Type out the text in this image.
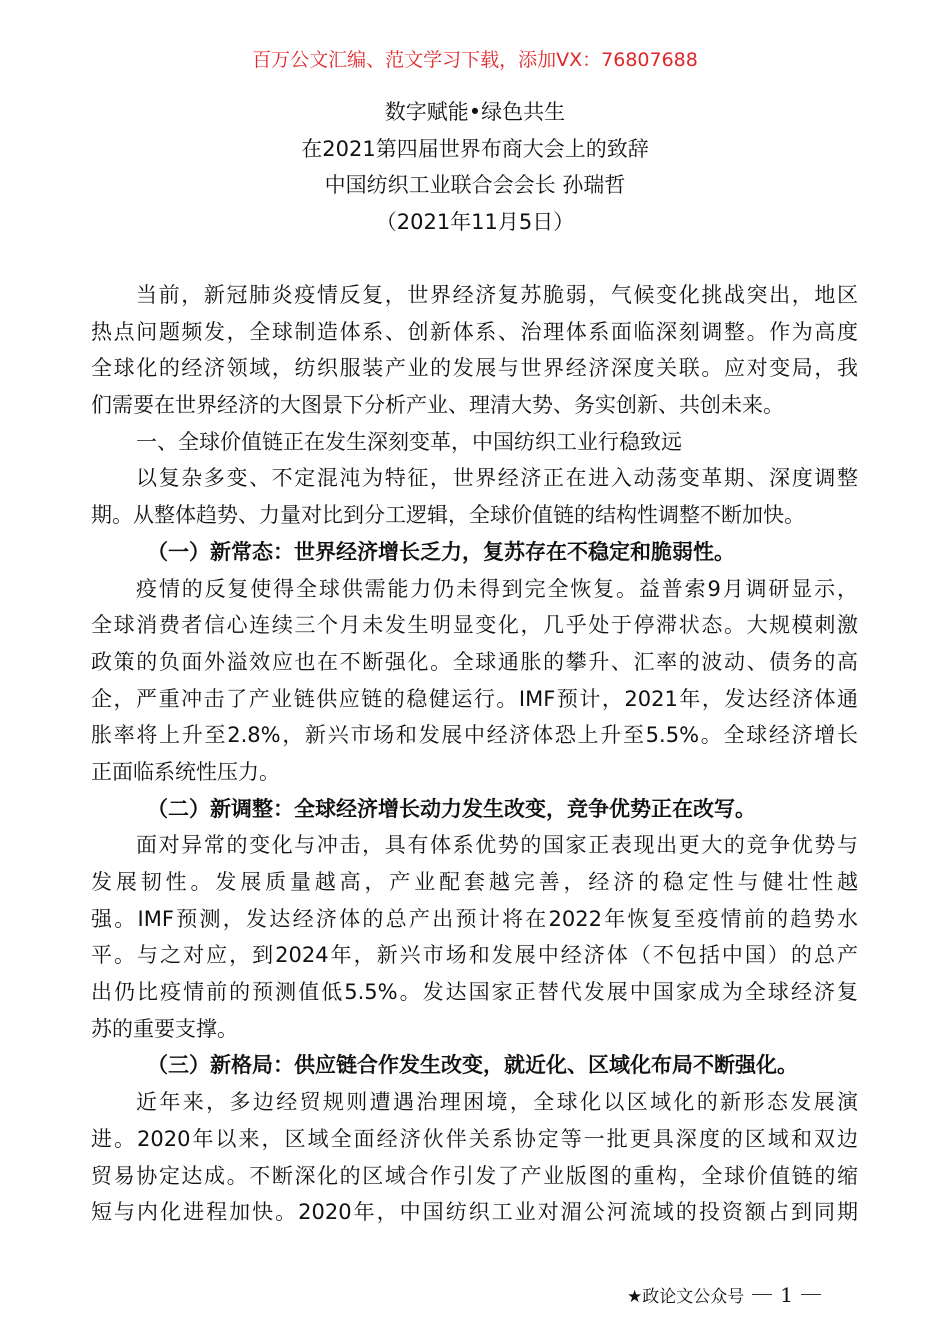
百万公文汇编、范文学习下载，添加VX：76807688
数字赋能•绿色共生
在2021第四届世界布商大会上的致辞
中国纺织工业联合会会长 孙瑞哲
（2021年11月5日）
当前，新冠肺炎疫情反复，世界经济复苏脆弱，气候变化挑战突出，地区
热点问题频发，全球制造体系、创新体系、治理体系面临深刻调整。作为高度
全球化的经济领域，纺织服装产业的发展与世界经济深度关联。应对变局，我
们需要在世界经济的大图景下分析产业、理清大势、务实创新、共创未来。
一、全球价值链正在发生深刻变革，中国纺织工业行稳致远
以复杂多变、不定混沌为特征，世界经济正在进入动荡变革期、深度调整
期。从整体趋势、力量对比到分工逻辑，全球价值链的结构性调整不断加快。
（一）新常态：世界经济增长乏力，复苏存在不稳定和脆弱性。
疫情的反复使得全球供需能力仍未得到完全恢复。益普索9月调研显示，
全球消费者信心连续三个月未发生明显变化，几乎处于停滞状态。大规模刺激
政策的负面外溢效应也在不断强化。全球通胀的攀升、汇率的波动、债务的高
企，严重冲击了产业链供应链的稳健运行。IMF预计，2021年，发达经济体通
胀率将上升至2.8%，新兴市场和发展中经济体恐上升至5.5%。全球经济增长
正面临系统性压力。
（二）新调整：全球经济增长动力发生改变，竞争优势正在改写。
面对异常的变化与冲击，具有体系优势的国家正表现出更大的竞争优势与
发展韧性。发展质量越高，产业配套越完善，经济的稳定性与健壮性越
强。IMF预测，发达经济体的总产出预计将在2022年恢复至疫情前的趋势水
平。与之对应，到2024年，新兴市场和发展中经济体（不包括中国）的总产
出仍比疫情前的预测值低5.5%。发达国家正替代发展中国家成为全球经济复
苏的重要支撑。
（三）新格局：供应链合作发生改变，就近化、区域化布局不断强化。
近年来，多边经贸规则遭遇治理困境，全球化以区域化的新形态发展演
进。2020年以来，区域全面经济伙伴关系协定等一批更具深度的区域和双边
贸易协定达成。不断深化的区域合作引发了产业版图的重构，全球价值链的缩
短与内化进程加快。2020年，中国纺织工业对湄公河流域的投资额占到同期
★政论文公众号 1
